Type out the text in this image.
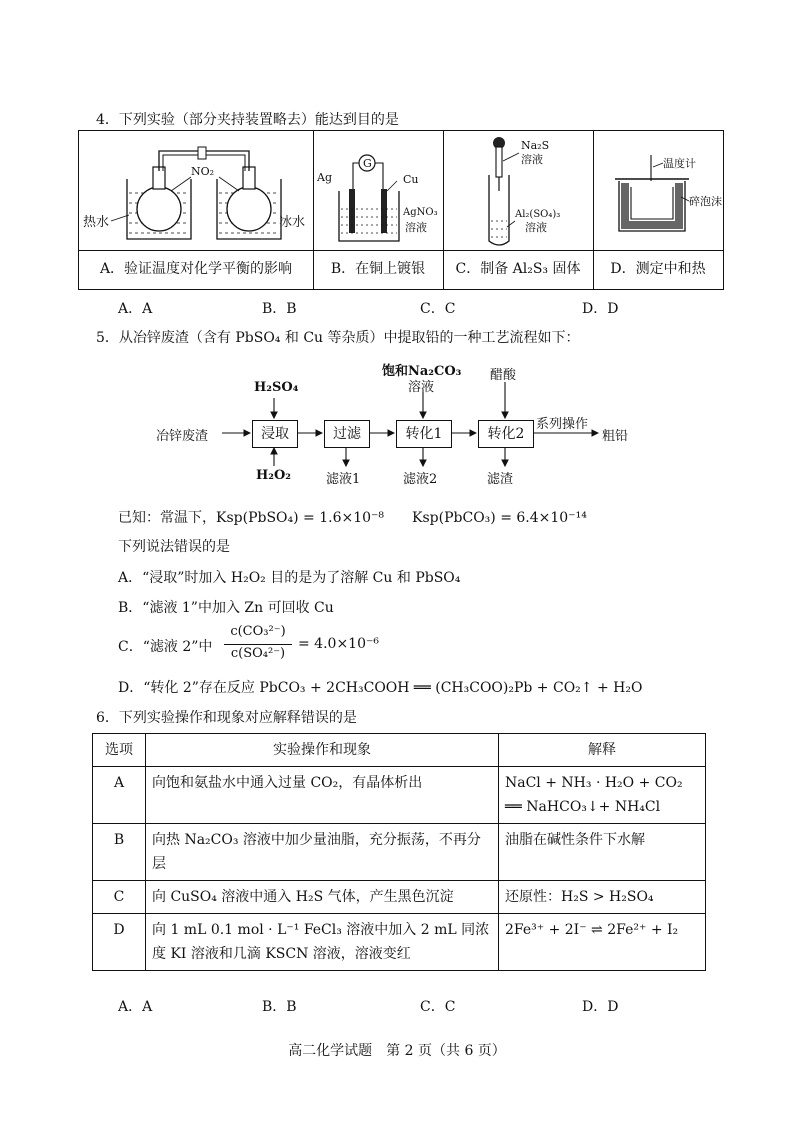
4．下列实验（部分夹持装置略去）能达到目的是
NO₂
热水	冰水
G
Ag	Cu
AgNO₃
溶液
Na₂S
溶液
Al₂(SO₄)₃
溶液
温度计
碎泡沫
A．验证温度对化学平衡的影响	B．在铜上镀银	C．制备 Al₂S₃ 固体	D．测定中和热
A．A	B．B	C．C	D．D
5．从冶锌废渣（含有 PbSO₄ 和 Cu 等杂质）中提取铅的一种工艺流程如下：
冶锌废渣	浸取	过滤	转化1	转化2
H₂SO₄
H₂O₂
饱和Na₂CO₃
溶液
醋酸
系列操作
粗铅
滤液1	滤液2	滤渣
已知：常温下，Ksp(PbSO₄) = 1.6×10⁻⁸　　Ksp(PbCO₃) = 6.4×10⁻¹⁴
下列说法错误的是
A．“浸取”时加入 H₂O₂ 目的是为了溶解 Cu 和 PbSO₄
B．“滤液 1”中加入 Zn 可回收 Cu
C．“滤液 2”中
c(CO₃²⁻)
c(SO₄²⁻)
= 4.0×10⁻⁶
D．“转化 2”存在反应 PbCO₃ + 2CH₃COOH ══ (CH₃COO)₂Pb + CO₂↑ + H₂O
6．下列实验操作和现象对应解释错误的是
选项	实验操作和现象	解释
A	向饱和氨盐水中通入过量 CO₂，有晶体析出	NaCl + NH₃ · H₂O + CO₂
══ NaHCO₃↓+ NH₄Cl

B	向热 Na₂CO₃ 溶液中加少量油脂，充分振荡，不再分层	油脂在碱性条件下水解
C	向 CuSO₄ 溶液中通入 H₂S 气体，产生黑色沉淀	还原性：H₂S > H₂SO₄
D	向 1 mL 0.1 mol · L⁻¹ FeCl₃ 溶液中加入 2 mL 同浓度 KI 溶液和几滴 KSCN 溶液，溶液变红	2Fe³⁺ + 2I⁻ ⇌ 2Fe²⁺ + I₂
A．A	B．B	C．C	D．D
高二化学试题　第 2 页（共 6 页）
